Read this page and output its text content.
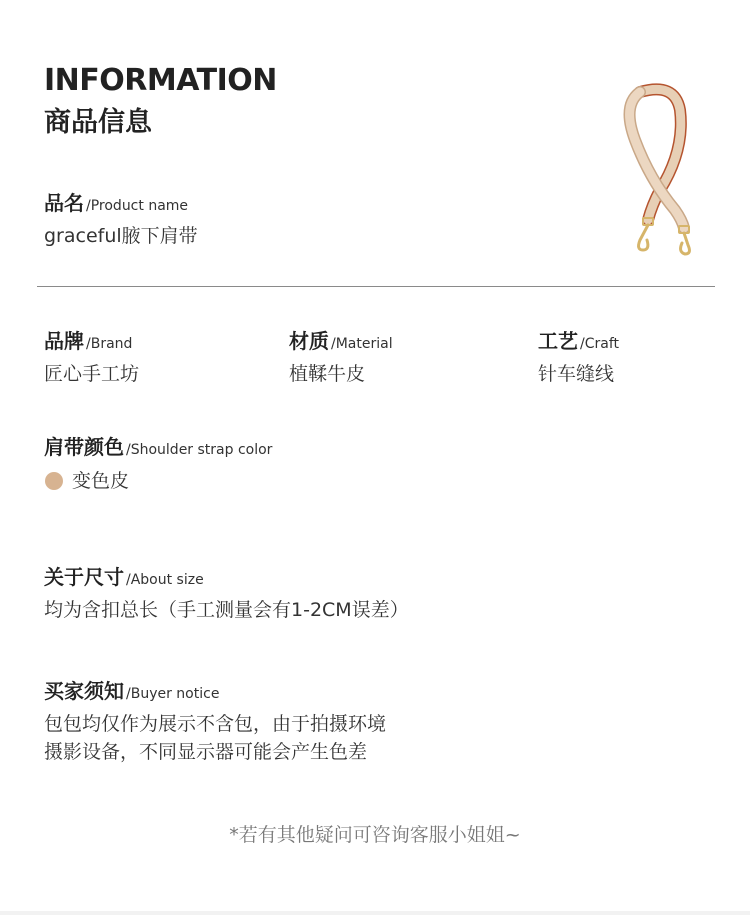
INFORMATION
商品信息
品名 /Product name
graceful腋下肩带
品牌 /Brand
匠心手工坊
材质 /Material
植鞣牛皮
工艺 /Craft
针车缝线
肩带颜色 /Shoulder strap color
变色皮
关于尺寸 /About size
均为含扣总长（手工测量会有1-2CM误差）
买家须知 /Buyer notice
包包均仅作为展示不含包，由于拍摄环境
摄影设备，不同显示器可能会产生色差
*若有其他疑问可咨询客服小姐姐~
